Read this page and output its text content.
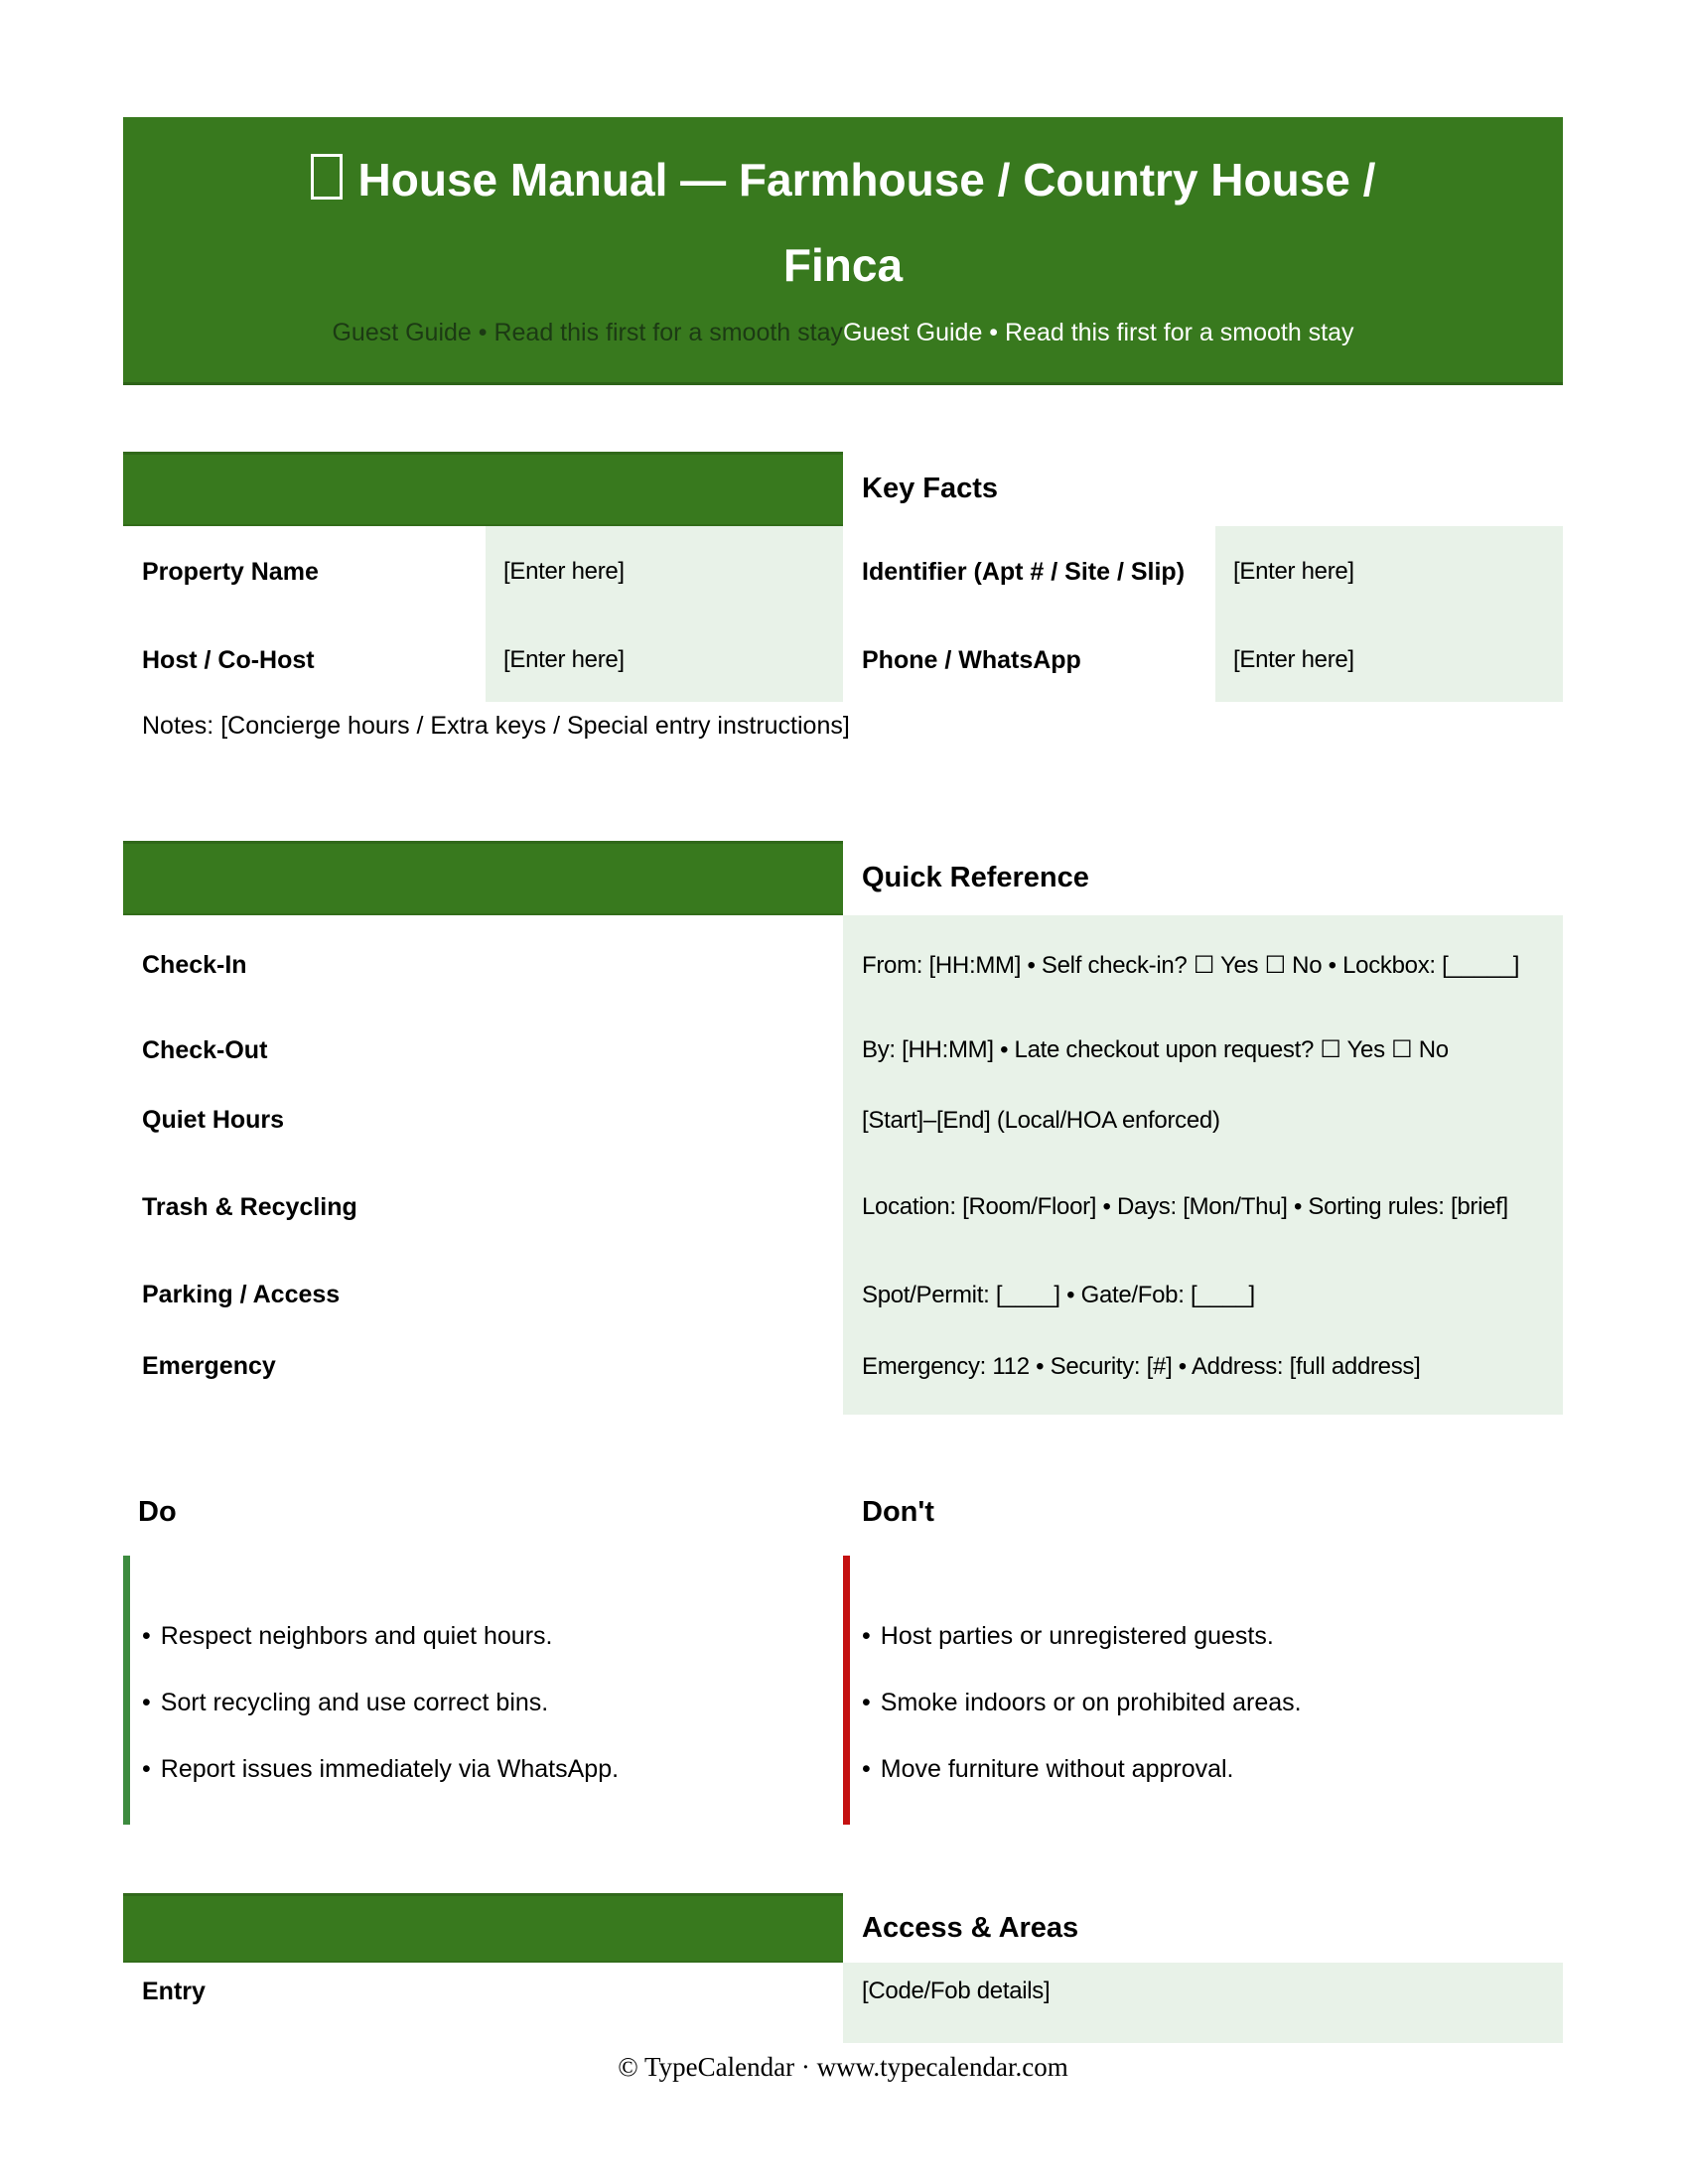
House Manual — Farmhouse / Country House / Finca
Guest Guide • Read this first for a smooth stayGuest Guide • Read this first for a smooth stay
Key Facts
Property Name	[Enter here]	Identifier (Apt # / Site / Slip)	[Enter here]
Host / Co-Host	[Enter here]	Phone / WhatsApp	[Enter here]
Notes: [Concierge hours / Extra keys / Special entry instructions]
Quick Reference
Check-In	From: [HH:MM] • Self check-in? ☐ Yes ☐ No • Lockbox: [_____]
Check-Out	By: [HH:MM] • Late checkout upon request? ☐ Yes ☐ No
Quiet Hours	[Start]–[End] (Local/HOA enforced)
Trash & Recycling	Location: [Room/Floor] • Days: [Mon/Thu] • Sorting rules: [brief]
Parking / Access	Spot/Permit: [____] • Gate/Fob: [____]
Emergency	Emergency: 112 • Security: [#] • Address: [full address]
Do
• Respect neighbors and quiet hours.
• Sort recycling and use correct bins.
• Report issues immediately via WhatsApp.
Don't
• Host parties or unregistered guests.
• Smoke indoors or on prohibited areas.
• Move furniture without approval.
Access & Areas
Entry	[Code/Fob details]
© TypeCalendar · www.typecalendar.com
